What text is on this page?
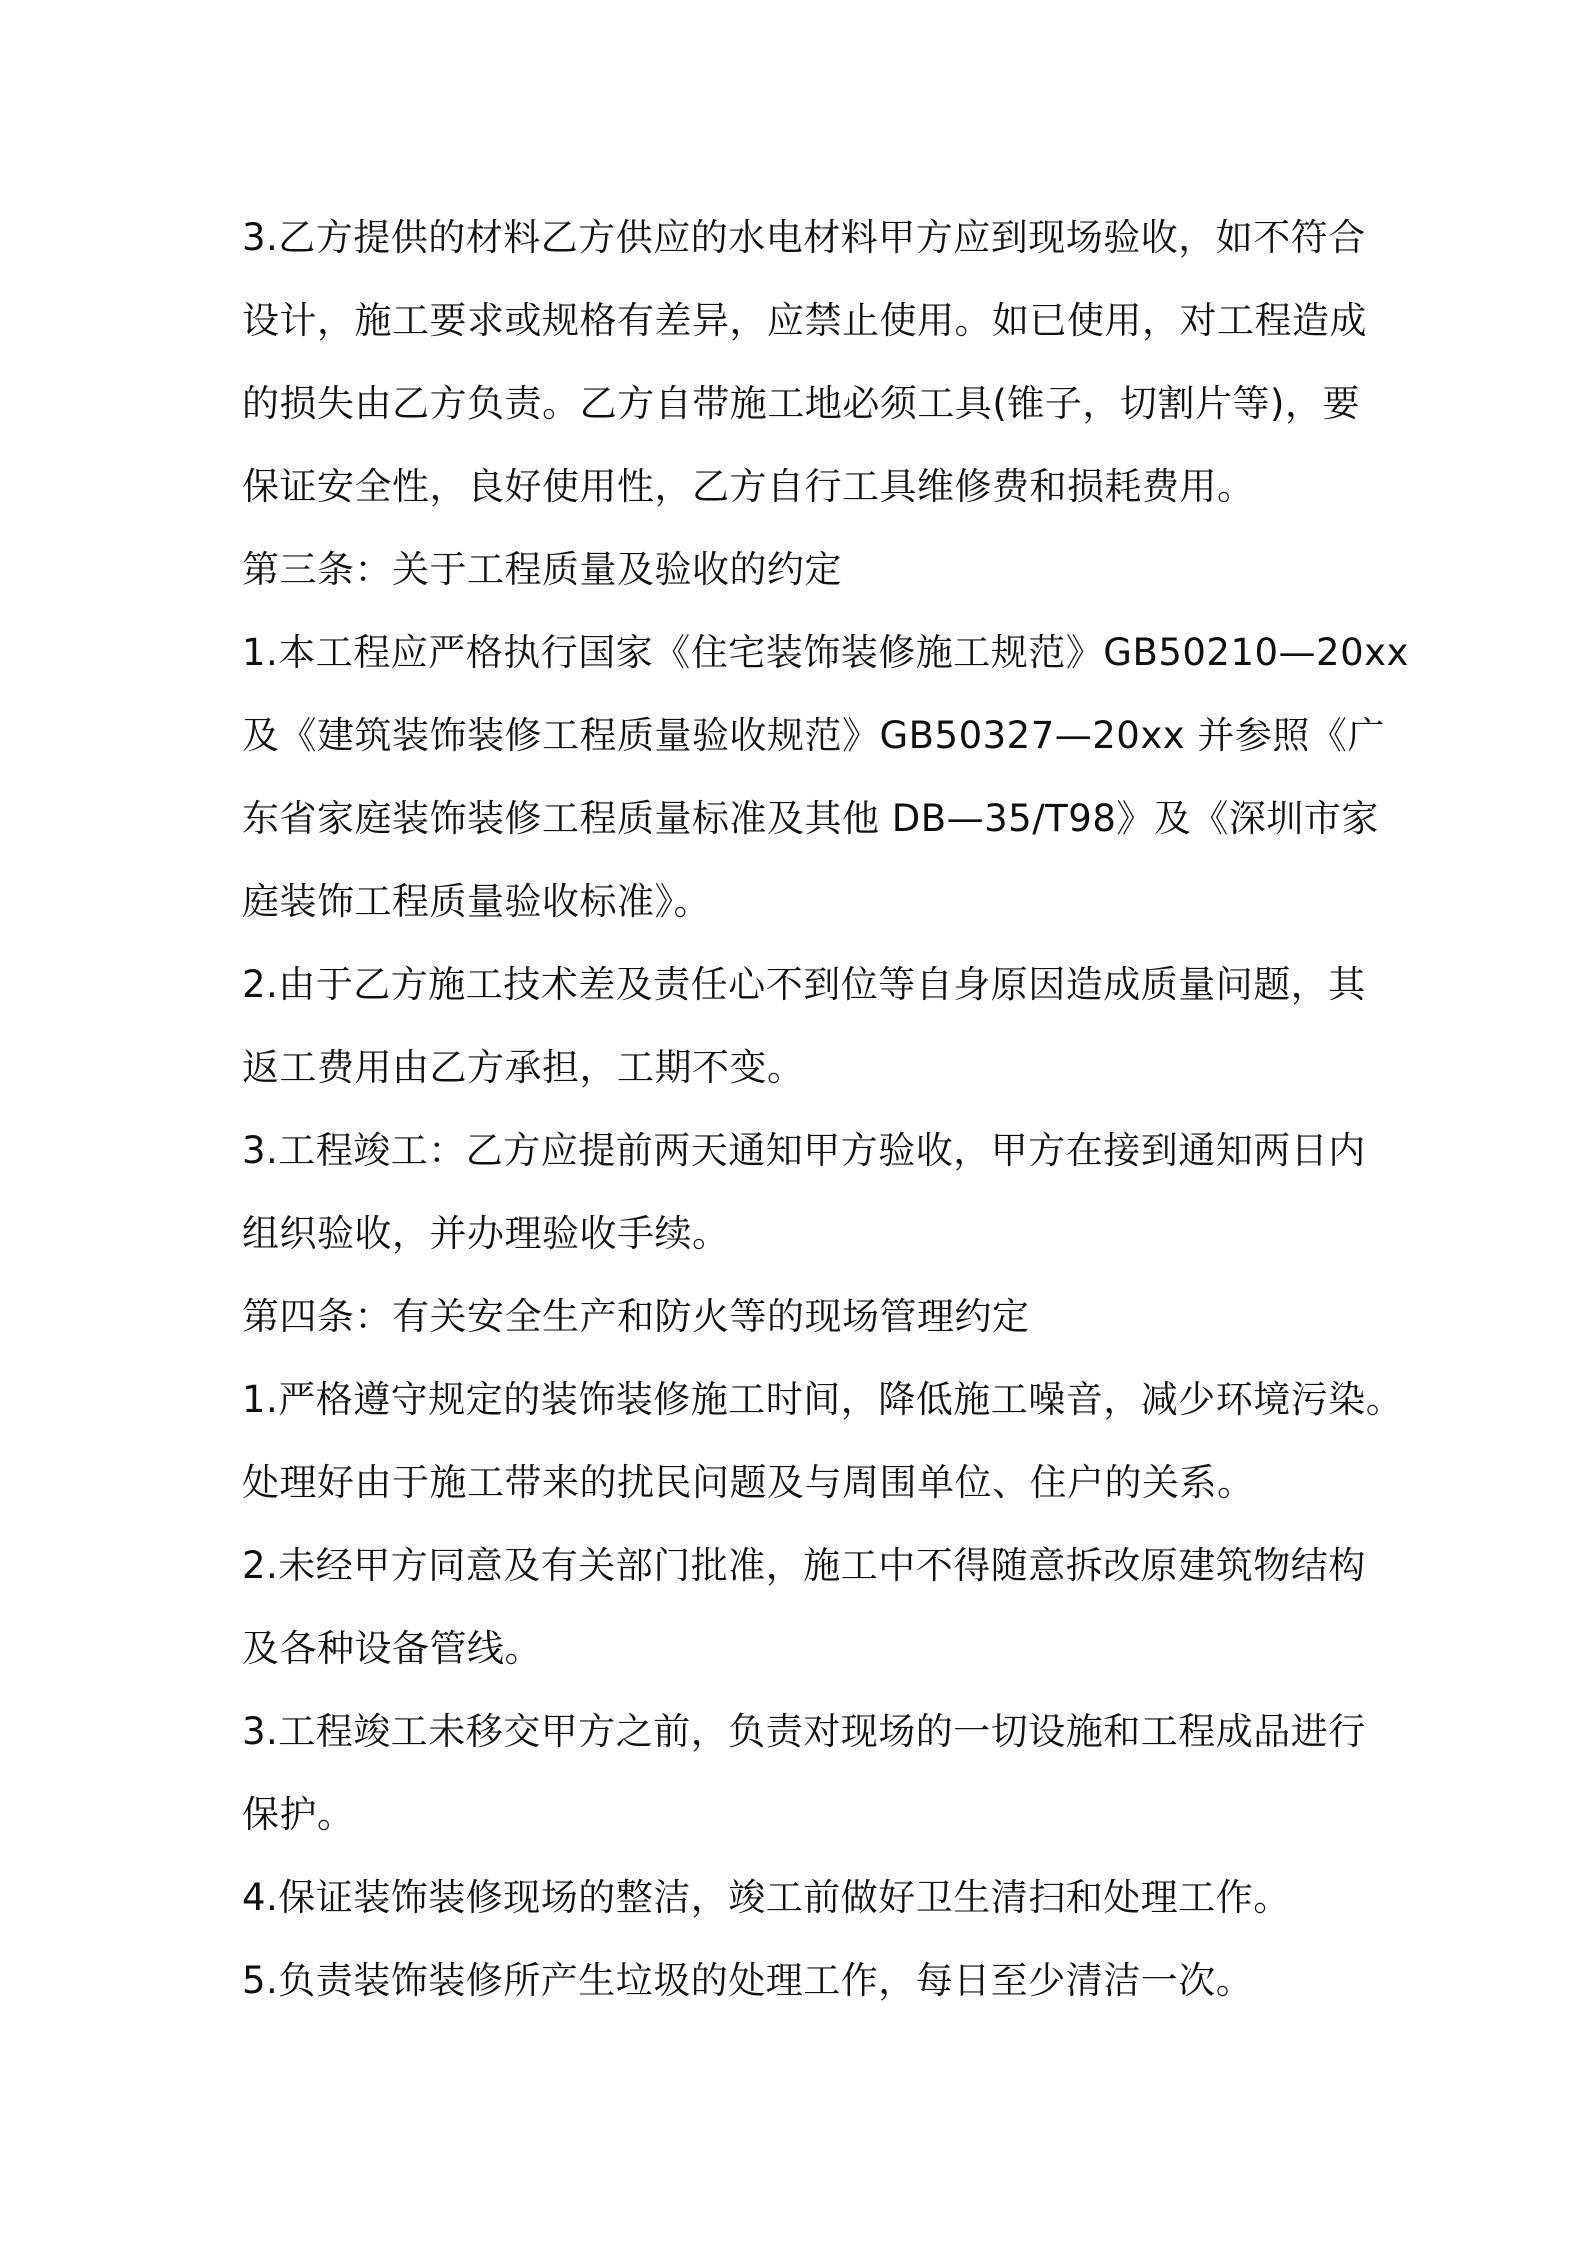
3.乙方提供的材料乙方供应的水电材料甲方应到现场验收，如不符合
设计，施工要求或规格有差异，应禁止使用。如已使用，对工程造成
的损失由乙方负责。乙方自带施工地必须工具(锥子，切割片等)，要
保证安全性，良好使用性，乙方自行工具维修费和损耗费用。
第三条：关于工程质量及验收的约定
1.本工程应严格执行国家《住宅装饰装修施工规范》GB50210—20xx
及《建筑装饰装修工程质量验收规范》GB50327—20xx 并参照《广
东省家庭装饰装修工程质量标准及其他 DB—35/T98》及《深圳市家
庭装饰工程质量验收标准》。
2.由于乙方施工技术差及责任心不到位等自身原因造成质量问题，其
返工费用由乙方承担，工期不变。
3.工程竣工：乙方应提前两天通知甲方验收，甲方在接到通知两日内
组织验收，并办理验收手续。
第四条：有关安全生产和防火等的现场管理约定
1.严格遵守规定的装饰装修施工时间，降低施工噪音，减少环境污染。
处理好由于施工带来的扰民问题及与周围单位、住户的关系。
2.未经甲方同意及有关部门批准，施工中不得随意拆改原建筑物结构
及各种设备管线。
3.工程竣工未移交甲方之前，负责对现场的一切设施和工程成品进行
保护。
4.保证装饰装修现场的整洁，竣工前做好卫生清扫和处理工作。
5.负责装饰装修所产生垃圾的处理工作，每日至少清洁一次。
